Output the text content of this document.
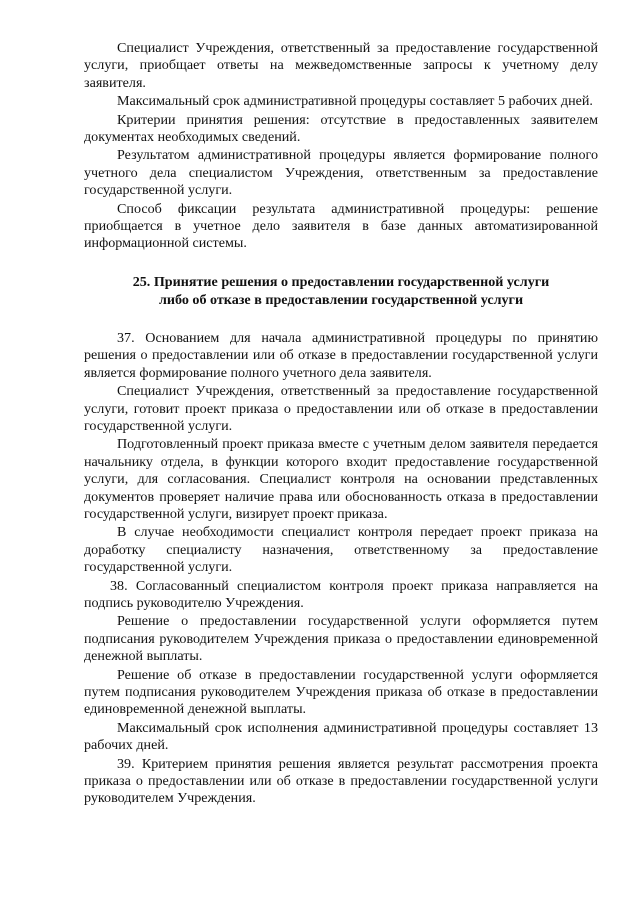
Специалист Учреждения, ответственный за предоставление государственной услуги, приобщает ответы на межведомственные запросы к учетному делу заявителя.

Максимальный срок административной процедуры составляет 5 рабочих дней.

Критерии принятия решения: отсутствие в предоставленных заявителем документах необходимых сведений.

Результатом административной процедуры является формирование полного учетного дела специалистом Учреждения, ответственным за предоставление государственной услуги.

Способ фиксации результата административной процедуры: решение приобщается в учетное дело заявителя в базе данных автоматизированной информационной системы.

25. Принятие решения о предоставлении государственной услуги
либо об отказе в предоставлении государственной услуги

37. Основанием для начала административной процедуры по принятию решения о предоставлении или об отказе в предоставлении государственной услуги является формирование полного учетного дела заявителя.

Специалист Учреждения, ответственный за предоставление государственной услуги, готовит проект приказа о предоставлении или об отказе в предоставлении государственной услуги.

Подготовленный проект приказа вместе с учетным делом заявителя передается начальнику отдела, в функции которого входит предоставление государственной услуги, для согласования. Специалист контроля на основании представленных документов проверяет наличие права или обоснованность отказа в предоставлении государственной услуги, визирует проект приказа.

В случае необходимости специалист контроля передает проект приказа на доработку специалисту назначения, ответственному за предоставление государственной услуги.

38. Согласованный специалистом контроля проект приказа направляется на подпись руководителю Учреждения.

Решение о предоставлении государственной услуги оформляется путем подписания руководителем Учреждения приказа о предоставлении единовременной денежной выплаты.

Решение об отказе в предоставлении государственной услуги оформляется путем подписания руководителем Учреждения приказа об отказе в предоставлении единовременной денежной выплаты.

Максимальный срок исполнения административной процедуры составляет 13 рабочих дней.

39. Критерием принятия решения является результат рассмотрения проекта приказа о предоставлении или об отказе в предоставлении государственной услуги руководителем Учреждения.
